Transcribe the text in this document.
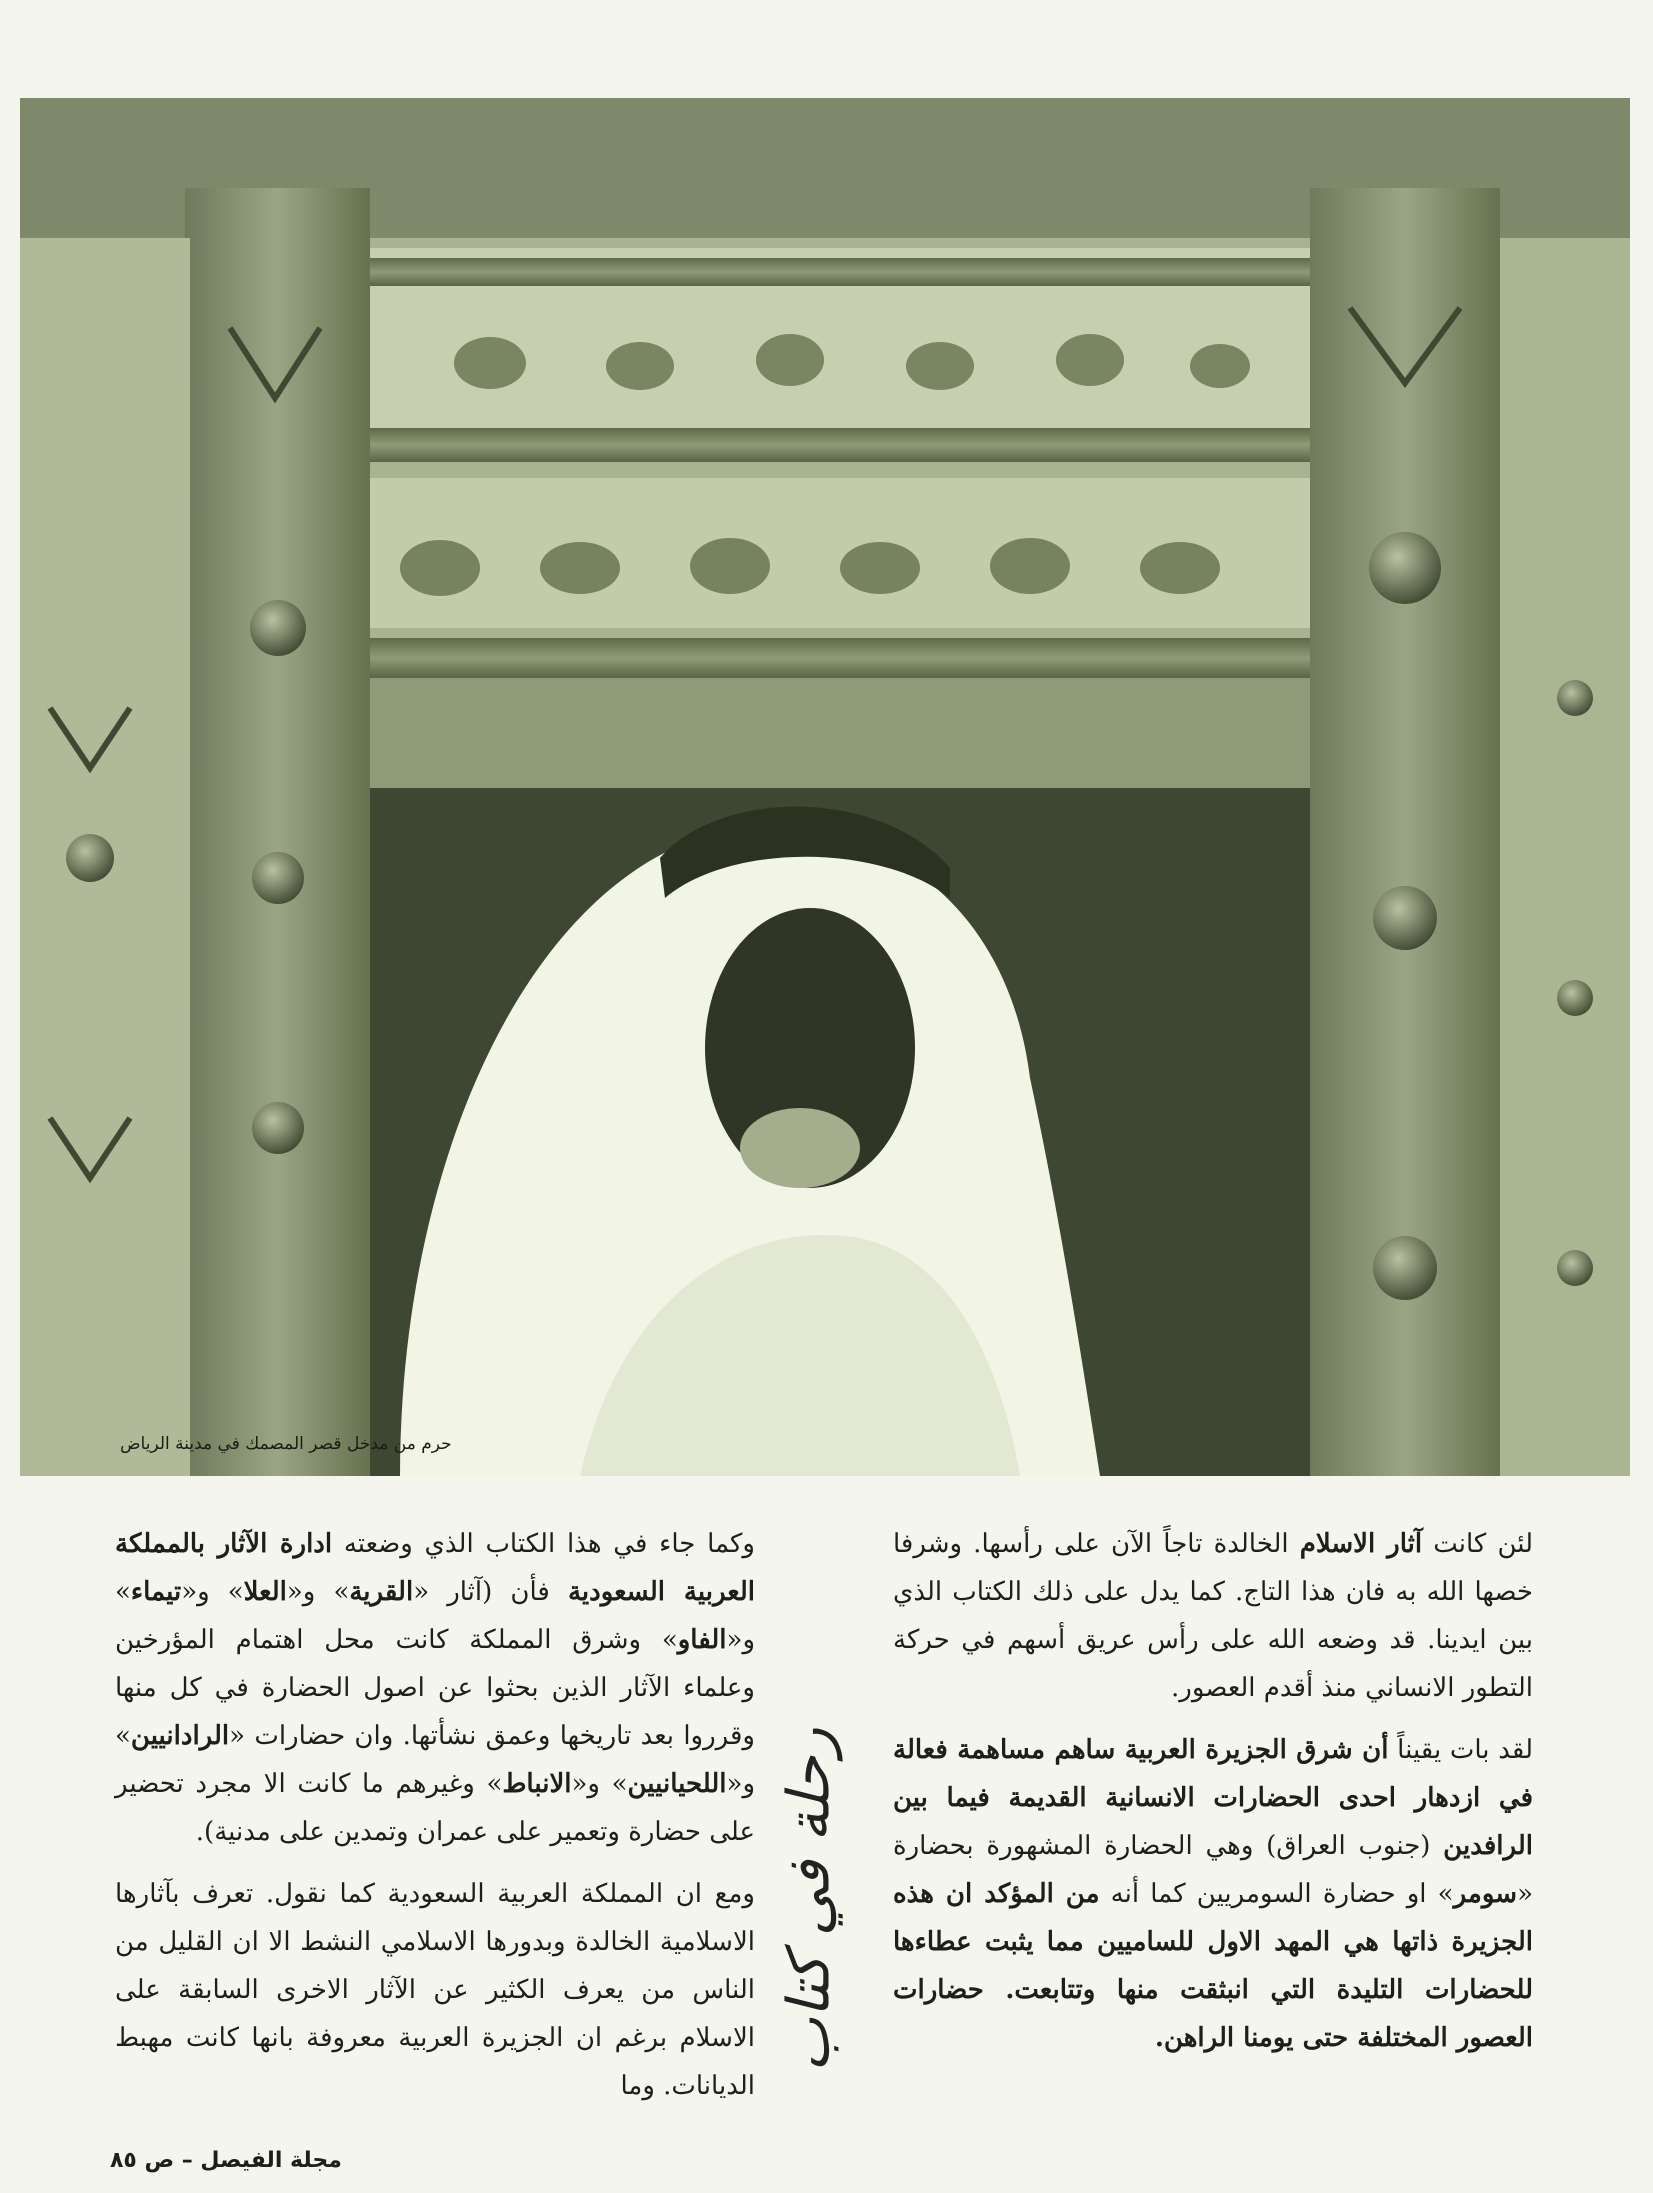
حرم من مدخل قصر المصمك في مدينة الرياض

لئن كانت آثار الاسلام الخالدة تاجاً الآن على رأسها. وشرفا خصها الله به فان هذا التاج. كما يدل على ذلك الكتاب الذي بين ايدينا. قد وضعه الله على رأس عريق أسهم في حركة التطور الانساني منذ أقدم العصور.

لقد بات يقيناً أن شرق الجزيرة العربية ساهم مساهمة فعالة في ازدهار احدى الحضارات الانسانية القديمة فيما بين الرافدين (جنوب العراق) وهي الحضارة المشهورة بحضارة «سومر» او حضارة السومريين كما أنه من المؤكد ان هذه الجزيرة ذاتها هي المهد الاول للساميين مما يثبت عطاءها للحضارات التليدة التي انبثقت منها وتتابعت. حضارات العصور المختلفة حتى يومنا الراهن.

رحلة في كتاب

وكما جاء في هذا الكتاب الذي وضعته ادارة الآثار بالمملكة العربية السعودية فأن (آثار «القرية» و«العلا» و«تيماء» و«الفاو» وشرق المملكة كانت محل اهتمام المؤرخين وعلماء الآثار الذين بحثوا عن اصول الحضارة في كل منها وقرروا بعد تاريخها وعمق نشأتها. وان حضارات «الرادانيين» و«اللحيانيين» و«الانباط» وغيرهم ما كانت الا مجرد تحضير على حضارة وتعمير على عمران وتمدين على مدنية).

ومع ان المملكة العربية السعودية كما نقول. تعرف بآثارها الاسلامية الخالدة وبدورها الاسلامي النشط الا ان القليل من الناس من يعرف الكثير عن الآثار الاخرى السابقة على الاسلام برغم ان الجزيرة العربية معروفة بانها كانت مهبط الديانات. وما

مجلة الفيصل – ص ٨٥
